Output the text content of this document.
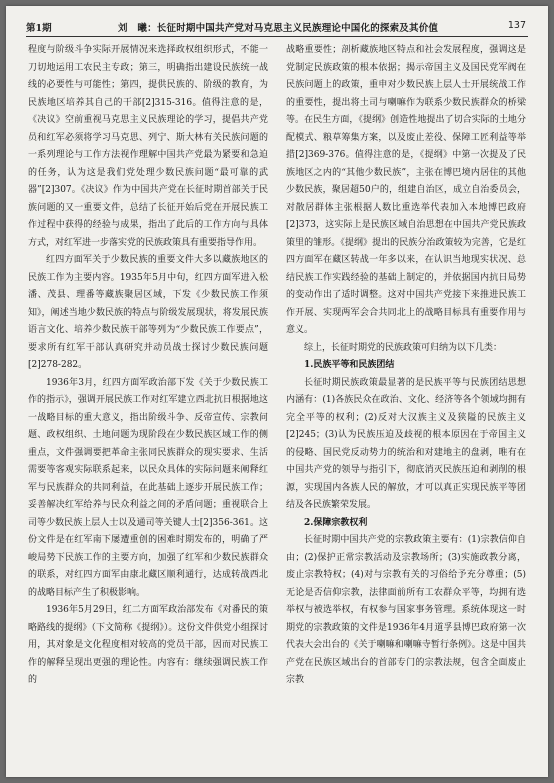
第1期	刘　曦：长征时期中国共产党对马克思主义民族理论中国化的探索及其价值	137

程度与阶级斗争实际开展情况来选择政权组织形式，不能一刀切地运用工农民主专政；第三，明确指出建设民族统一战线的必要性与可能性；第四，提供民族的、阶级的教育，为民族地区培养其自己的干部[2]315-316。值得注意的是，《决议》空前重视马克思主义民族理论的学习，提倡共产党员和红军必须将学习马克思、列宁、斯大林有关民族问题的一系列理论与工作方法视作理解中国共产党最为紧要和急迫的任务，认为这是我们党处理少数民族问题“最可靠的武器”[2]307。《决议》作为中国共产党在长征时期首部关于民族问题的又一重要文件，总结了长征开始后党在开展民族工作过程中获得的经验与成果，指出了此后的工作方向与具体方式，对红军进一步落实党的民族政策具有重要指导作用。

红四方面军关于少数民族的重要文件大多以藏族地区的民族工作为主要内容。1935年5月中旬，红四方面军进入松潘、茂县、理番等藏族聚居区域，下发《少数民族工作须知》，阐述当地少数民族的特点与阶级发展现状，将发展民族语言文化、培养少数民族干部等列为“少数民族工作要点”，要求所有红军干部认真研究并动员战士探讨少数民族问题[2]278-282。

1936年3月，红四方面军政治部下发《关于少数民族工作的指示》，强调开展民族工作对红军建立西北抗日根据地这一战略目标的重大意义，指出阶级斗争、反帝宣传、宗教问题、政权组织、土地问题为现阶段在少数民族区域工作的侧重点，文件强调要把革命主张同民族群众的现实要求、生活需要等客观实际联系起来，以民众具体的实际问题来阐释红军与民族群众的共同利益，在此基础上逐步开展民族工作；妥善解决红军给养与民众利益之间的矛盾问题；重视联合上司等少数民族上层人士以及通司等关键人士[2]356-361。这份文件是在红军南下屡遭重创的困难时期发布的，明确了严峻局势下民族工作的主要方向，加强了红军和少数民族群众的联系，对红四方面军由康北藏区顺利通行，达成转战西北的战略目标产生了积极影响。

1936年5月29日，红二方面军政治部发布《对番民的策略路线的提纲》（下文简称《提纲》）。这份文件供党小组探讨用，其对象是文化程度相对较高的党员干部，因而对民族工作的解释呈现出更强的理论性。内容有：继续强调民族工作的

战略重要性；剖析藏族地区特点和社会发展程度，强调这是党制定民族政策的根本依据；揭示帝国主义及国民党军阀在民族问题上的政策，重申对少数民族上层人士开展统战工作的重要性，提出将土司与喇嘛作为联系少数民族群众的桥梁等。在民生方面，《提纲》创造性地提出了切合实际的土地分配模式、粮草筹集方案，以及废止差役、保障工匠利益等举措[2]369-376。值得注意的是，《提纲》中第一次提及了民族地区之内的“其他少数民族”，主张在博巴境内居住的其他少数民族，聚居超50户的，组建自治区，成立自治委员会，对散居群体主张根据人数比重选举代表加入本地博巴政府[2]373，这实际上是民族区域自治思想在中国共产党民族政策里的雏形。《提纲》提出的民族分治政策较为完善，它是红四方面军在藏区转战一年多以来，在认识当地现实状况、总结民族工作实践经验的基础上制定的，并依据国内抗日局势的变动作出了适时调整。这对中国共产党接下来推进民族工作开展、实现两军会合共同北上的战略目标具有重要作用与意义。

综上，长征时期党的民族政策可归纳为以下几类：

1.民族平等和民族团结

长征时期民族政策最显著的是民族平等与民族团结思想内涵有：(1)各族民众在政治、文化、经济等各个领域均拥有完全平等的权利；(2)反对大汉族主义及狭隘的民族主义[2]245；(3)认为民族压迫及歧视的根本原因在于帝国主义的侵略、国民党反动势力的统治和对建地主的盘剥，唯有在中国共产党的领导与指引下，彻底消灭民族压迫和剥削的根源，实现国内各族人民的解放，才可以真正实现民族平等团结及各民族繁荣发展。

2.保障宗教权利

长征时期中国共产党的宗教政策主要有：(1)宗教信仰自由；(2)保护正常宗教活动及宗教场所；(3)实施政教分离，废止宗教特权；(4)对与宗教有关的习俗给予充分尊重；(5)无论是否信仰宗教，法律面前所有工农群众平等，均拥有选举权与被选举权，有权参与国家事务管理。系统体现这一时期党的宗教政策的文件是1936年4月道孚县博巴政府第一次代表大会出台的《关于喇嘛和喇嘛寺暂行条例》。这是中国共产党在民族区域出台的首部专门的宗教法规，包含全面废止宗教
